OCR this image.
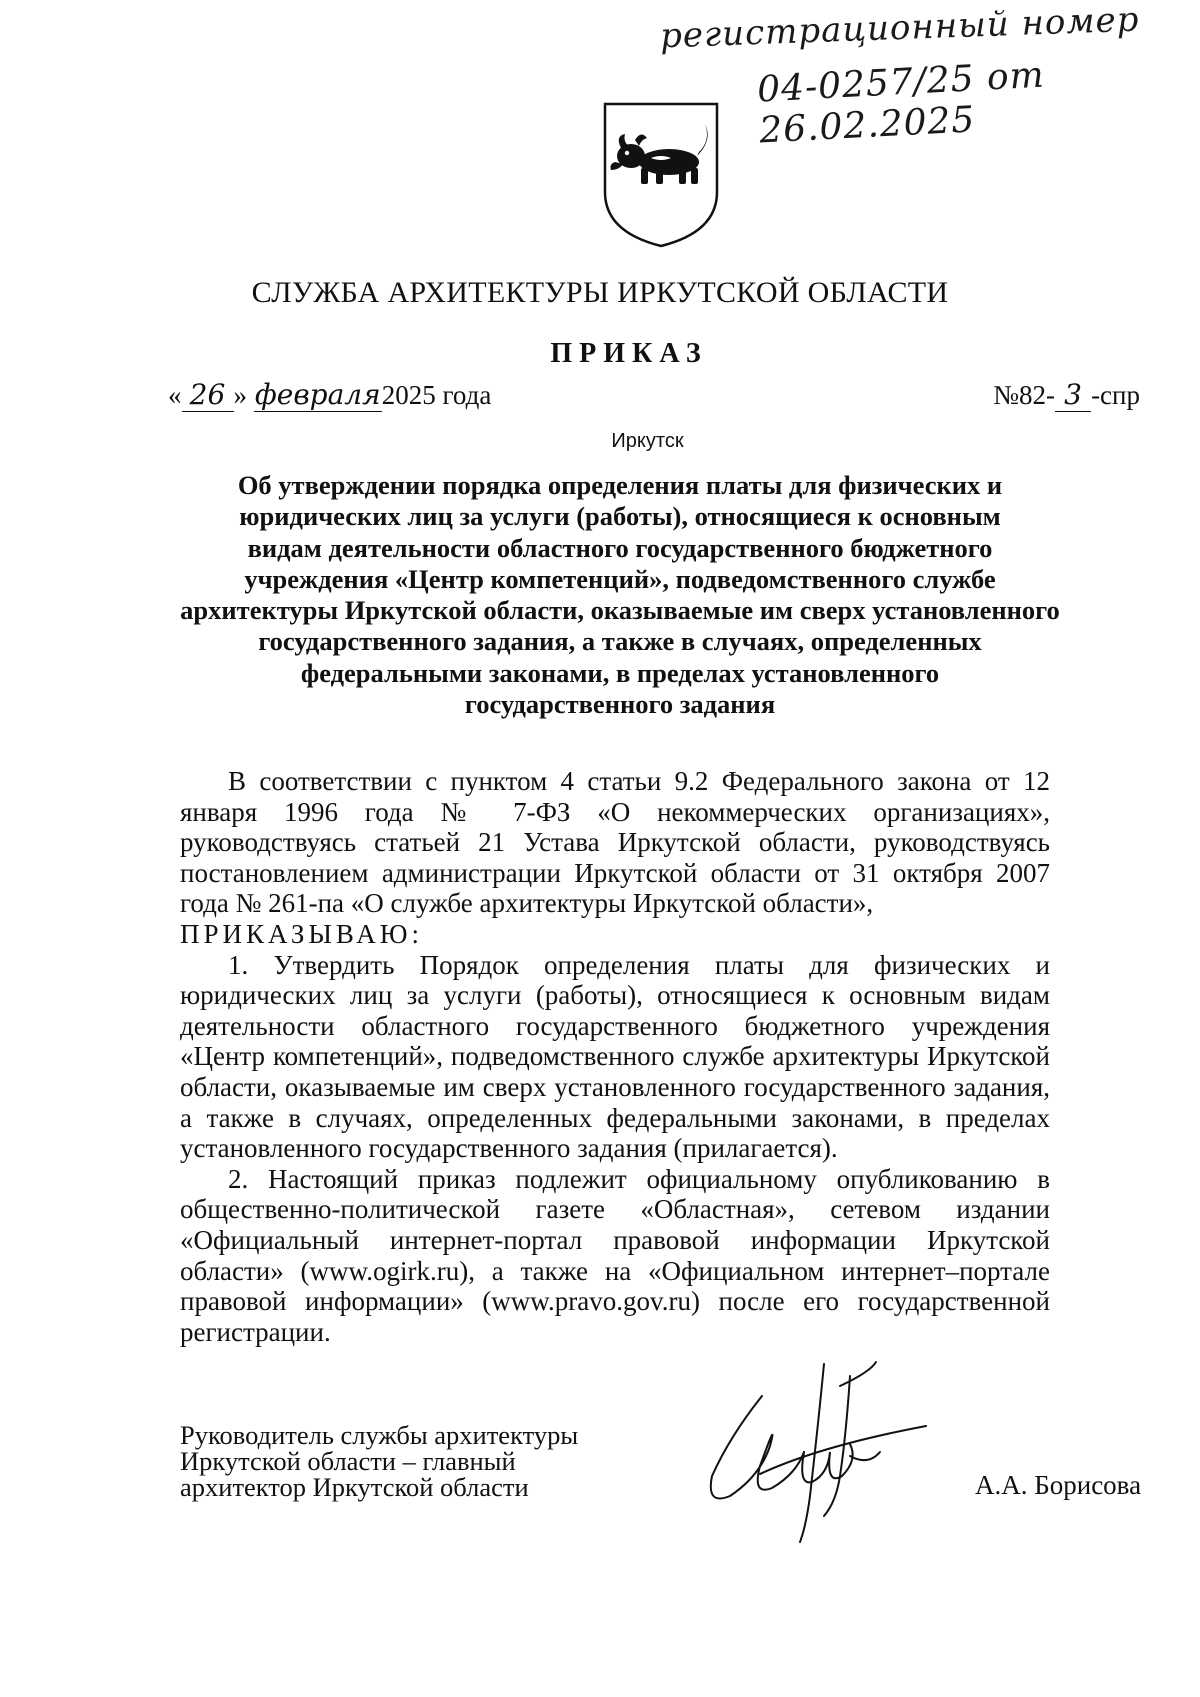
регистрационный номер
04-0257/25 от 26.02.2025
СЛУЖБА АРХИТЕКТУРЫ ИРКУТСКОЙ ОБЛАСТИ
ПРИКАЗ
« 26 » февраля2025 года	№82- 3 -спр
Иркутск
Об утверждении порядка определения платы для физических и
юридических лиц за услуги (работы), относящиеся к основным
видам деятельности областного государственного бюджетного
учреждения «Центр компетенций», подведомственного службе
архитектуры Иркутской области, оказываемые им сверх установленного
государственного задания, а также в случаях, определенных
федеральными законами, в пределах установленного
государственного задания

В соответствии с пунктом 4 статьи 9.2 Федерального закона от 12 января 1996 года № 7-ФЗ «О некоммерческих организациях», руководствуясь статьей 21 Устава Иркутской области, руководствуясь постановлением администрации Иркутской области от 31 октября 2007 года № 261-па «О службе архитектуры Иркутской области»,

ПРИКАЗЫВАЮ:

1. Утвердить Порядок определения платы для физических и юридических лиц за услуги (работы), относящиеся к основным видам деятельности областного государственного бюджетного учреждения «Центр компетенций», подведомственного службе архитектуры Иркутской области, оказываемые им сверх установленного государственного задания, а также в случаях, определенных федеральными законами, в пределах установленного государственного задания (прилагается).

2. Настоящий приказ подлежит официальному опубликованию в общественно-политической газете «Областная», сетевом издании «Официальный интернет-портал правовой информации Иркутской области» (www.ogirk.ru), а также на «Официальном интернет–портале правовой информации» (www.pravo.gov.ru) после его государственной регистрации.

Руководитель службы архитектуры
Иркутской области – главный
архитектор Иркутской области	А.А. Борисова
